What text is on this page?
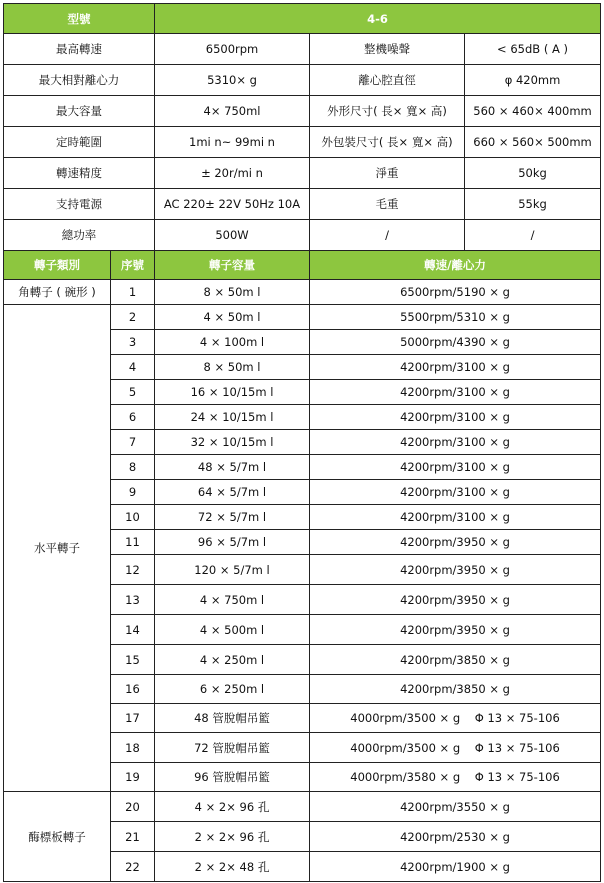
型號		4-6		
最高轉速		6500rpm	整機噪聲	< 65dB ( A )
最大相對離心力		5310× g	離心腔直徑	φ 420mm
最大容量		4× 750ml	外形尺寸( 長× 寬× 高)	560 × 460× 400mm
定時範圍		1mi n~ 99mi n	外包裝尺寸( 長× 寬× 高)	660 × 560× 500mm
轉速精度		± 20r/mi n	淨重	50kg
支持電源		AC 220± 22V 50Hz 10A	毛重	55kg
總功率		500W	/	/
轉子類別	序號	轉子容量	轉速/離心力	
角轉子 ( 碗形 )	1	8 × 50m l	6500rpm/5190 × g	
水平轉子	2	4 × 50m l	5500rpm/5310 × g	
	3	4 × 100m l	5000rpm/4390 × g	
	4	8 × 50m l	4200rpm/3100 × g	
	5	16 × 10/15m l	4200rpm/3100 × g	
	6	24 × 10/15m l	4200rpm/3100 × g	
	7	32 × 10/15m l	4200rpm/3100 × g	
	8	48 × 5/7m l	4200rpm/3100 × g	
	9	64 × 5/7m l	4200rpm/3100 × g	
	10	72 × 5/7m l	4200rpm/3100 × g	
	11	96 × 5/7m l	4200rpm/3950 × g	
	12	120 × 5/7m l	4200rpm/3950 × g	
	13	4 × 750m l	4200rpm/3950 × g	
	14	4 × 500m l	4200rpm/3950 × g	
	15	4 × 250m l	4200rpm/3850 × g	
	16	6 × 250m l	4200rpm/3850 × g	
	17	48 管脫帽吊籃	4000rpm/3500 × g    Φ 13 × 75-106	
	18	72 管脫帽吊籃	4000rpm/3500 × g    Φ 13 × 75-106	
	19	96 管脫帽吊籃	4000rpm/3580 × g    Φ 13 × 75-106	
酶標板轉子	20	4 × 2× 96 孔	4200rpm/3550 × g	
	21	2 × 2× 96 孔	4200rpm/2530 × g	
	22	2 × 2× 48 孔	4200rpm/1900 × g	
